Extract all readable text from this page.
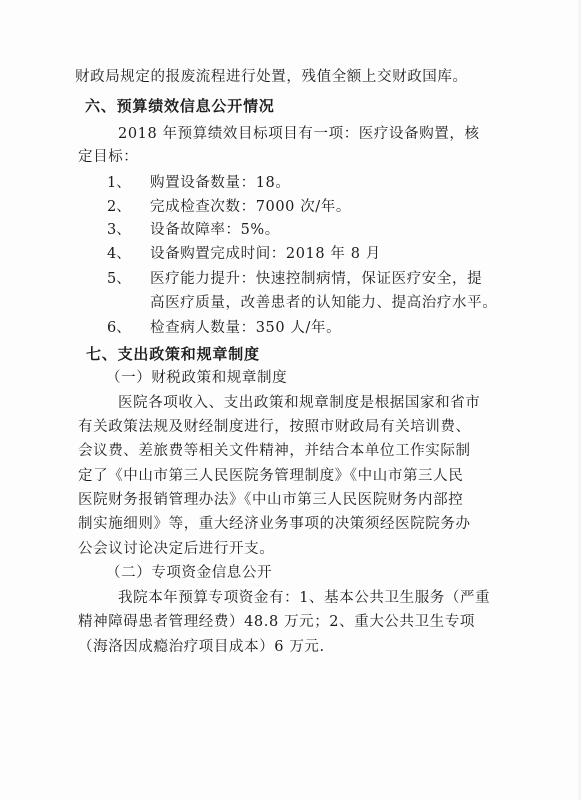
财政局规定的报废流程进行处置，残值全额上交财政国库。
六、预算绩效信息公开情况
2018 年预算绩效目标项目有一项：医疗设备购置，核
定目标：
1、 购置设备数量：18。
2、 完成检查次数：7000 次/年。
3、 设备故障率：5%。
4、 设备购置完成时间：2018 年 8 月
5、 医疗能力提升：快速控制病情，保证医疗安全，提
高医疗质量，改善患者的认知能力、提高治疗水平。
6、 检查病人数量：350 人/年。
七、支出政策和规章制度
（一）财税政策和规章制度
医院各项收入、支出政策和规章制度是根据国家和省市
有关政策法规及财经制度进行，按照市财政局有关培训费、
会议费、差旅费等相关文件精神，并结合本单位工作实际制
定了《中山市第三人民医院务管理制度》《中山市第三人民
医院财务报销管理办法》《中山市第三人民医院财务内部控
制实施细则》等，重大经济业务事项的决策须经医院院务办
公会议讨论决定后进行开支。
（二）专项资金信息公开
我院本年预算专项资金有：1、基本公共卫生服务（严重
精神障碍患者管理经费）48.8 万元；2、重大公共卫生专项
（海洛因成瘾治疗项目成本）6 万元.
